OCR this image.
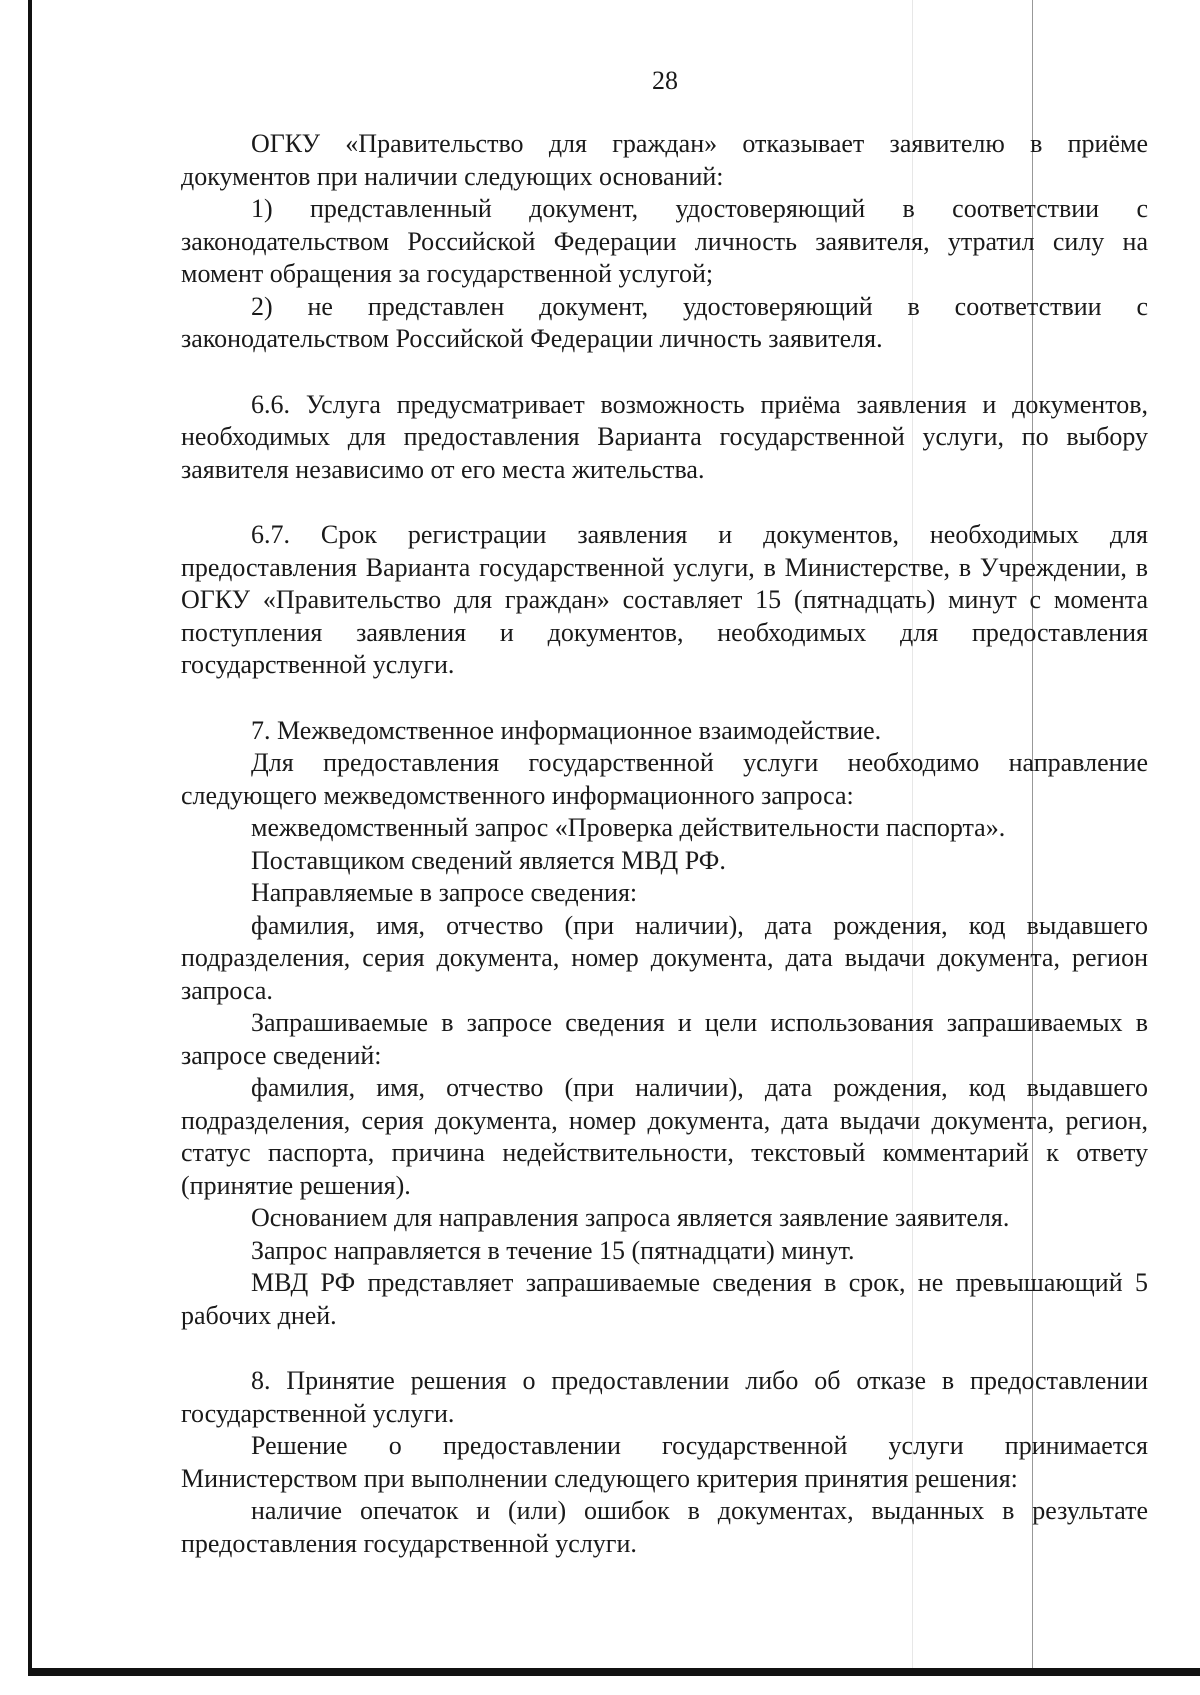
28

ОГКУ «Правительство для граждан» отказывает заявителю в приёме документов при наличии следующих оснований:

1) представленный документ, удостоверяющий в соответствии с законодательством Российской Федерации личность заявителя, утратил силу на момент обращения за государственной услугой;

2) не представлен документ, удостоверяющий в соответствии с законодательством Российской Федерации личность заявителя.

6.6. Услуга предусматривает возможность приёма заявления и документов, необходимых для предоставления Варианта государственной услуги, по выбору заявителя независимо от его места жительства.

6.7. Срок регистрации заявления и документов, необходимых для предоставления Варианта государственной услуги, в Министерстве, в Учреждении, в ОГКУ «Правительство для граждан» составляет 15 (пятнадцать) минут с момента поступления заявления и документов, необходимых для предоставления государственной услуги.

7. Межведомственное информационное взаимодействие.

Для предоставления государственной услуги необходимо направление следующего межведомственного информационного запроса:

межведомственный запрос «Проверка действительности паспорта».

Поставщиком сведений является МВД РФ.

Направляемые в запросе сведения:

фамилия, имя, отчество (при наличии), дата рождения, код выдавшего подразделения, серия документа, номер документа, дата выдачи документа, регион запроса.

Запрашиваемые в запросе сведения и цели использования запрашиваемых в запросе сведений:

фамилия, имя, отчество (при наличии), дата рождения, код выдавшего подразделения, серия документа, номер документа, дата выдачи документа, регион, статус паспорта, причина недействительности, текстовый комментарий к ответу (принятие решения).

Основанием для направления запроса является заявление заявителя.

Запрос направляется в течение 15 (пятнадцати) минут.

МВД РФ представляет запрашиваемые сведения в срок, не превышающий 5 рабочих дней.

8. Принятие решения о предоставлении либо об отказе в предоставлении государственной услуги.

Решение о предоставлении государственной услуги принимается Министерством при выполнении следующего критерия принятия решения:

наличие опечаток и (или) ошибок в документах, выданных в результате предоставления государственной услуги.
